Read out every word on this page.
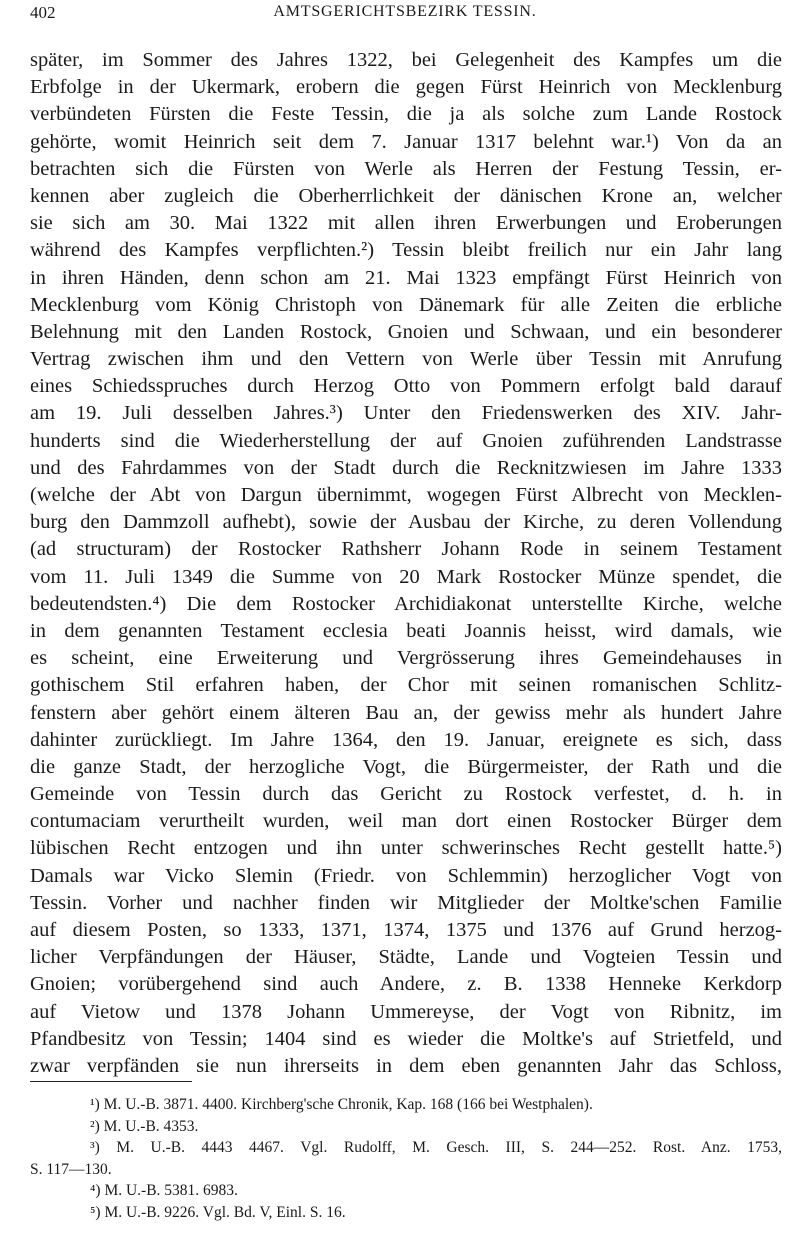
402	AMTSGERICHTSBEZIRK TESSIN.
später, im Sommer des Jahres 1322, bei Gelegenheit des Kampfes um die
Erbfolge in der Ukermark, erobern die gegen Fürst Heinrich von Mecklenburg
verbündeten Fürsten die Feste Tessin, die ja als solche zum Lande Rostock
gehörte, womit Heinrich seit dem 7. Januar 1317 belehnt war.¹) Von da an
betrachten sich die Fürsten von Werle als Herren der Festung Tessin, er-
kennen aber zugleich die Oberherrlichkeit der dänischen Krone an, welcher
sie sich am 30. Mai 1322 mit allen ihren Erwerbungen und Eroberungen
während des Kampfes verpflichten.²) Tessin bleibt freilich nur ein Jahr lang
in ihren Händen, denn schon am 21. Mai 1323 empfängt Fürst Heinrich von
Mecklenburg vom König Christoph von Dänemark für alle Zeiten die erbliche
Belehnung mit den Landen Rostock, Gnoien und Schwaan, und ein besonderer
Vertrag zwischen ihm und den Vettern von Werle über Tessin mit Anrufung
eines Schiedsspruches durch Herzog Otto von Pommern erfolgt bald darauf
am 19. Juli desselben Jahres.³) Unter den Friedenswerken des XIV. Jahr-
hunderts sind die Wiederherstellung der auf Gnoien zuführenden Landstrasse
und des Fahrdammes von der Stadt durch die Recknitzwiesen im Jahre 1333
(welche der Abt von Dargun übernimmt, wogegen Fürst Albrecht von Mecklen-
burg den Dammzoll aufhebt), sowie der Ausbau der Kirche, zu deren Vollendung
(ad structuram) der Rostocker Rathsherr Johann Rode in seinem Testament
vom 11. Juli 1349 die Summe von 20 Mark Rostocker Münze spendet, die
bedeutendsten.⁴) Die dem Rostocker Archidiakonat unterstellte Kirche, welche
in dem genannten Testament ecclesia beati Joannis heisst, wird damals, wie
es scheint, eine Erweiterung und Vergrösserung ihres Gemeindehauses in
gothischem Stil erfahren haben, der Chor mit seinen romanischen Schlitz-
fenstern aber gehört einem älteren Bau an, der gewiss mehr als hundert Jahre
dahinter zurückliegt. Im Jahre 1364, den 19. Januar, ereignete es sich, dass
die ganze Stadt, der herzogliche Vogt, die Bürgermeister, der Rath und die
Gemeinde von Tessin durch das Gericht zu Rostock verfestet, d. h. in
contumaciam verurtheilt wurden, weil man dort einen Rostocker Bürger dem
lübischen Recht entzogen und ihn unter schwerinsches Recht gestellt hatte.⁵)
Damals war Vicko Slemin (Friedr. von Schlemmin) herzoglicher Vogt von
Tessin. Vorher und nachher finden wir Mitglieder der Moltke'schen Familie
auf diesem Posten, so 1333, 1371, 1374, 1375 und 1376 auf Grund herzog-
licher Verpfändungen der Häuser, Städte, Lande und Vogteien Tessin und
Gnoien; vorübergehend sind auch Andere, z. B. 1338 Henneke Kerkdorp
auf Vietow und 1378 Johann Ummereyse, der Vogt von Ribnitz, im
Pfandbesitz von Tessin; 1404 sind es wieder die Moltke's auf Strietfeld, und
zwar verpfänden sie nun ihrerseits in dem eben genannten Jahr das Schloss,
¹) M. U.-B. 3871. 4400. Kirchberg'sche Chronik, Kap. 168 (166 bei Westphalen).
²) M. U.-B. 4353.
³) M. U.-B. 4443 4467. Vgl. Rudolff, M. Gesch. III, S. 244—252. Rost. Anz. 1753,
S. 117—130.
⁴) M. U.-B. 5381. 6983.
⁵) M. U.-B. 9226. Vgl. Bd. V, Einl. S. 16.
